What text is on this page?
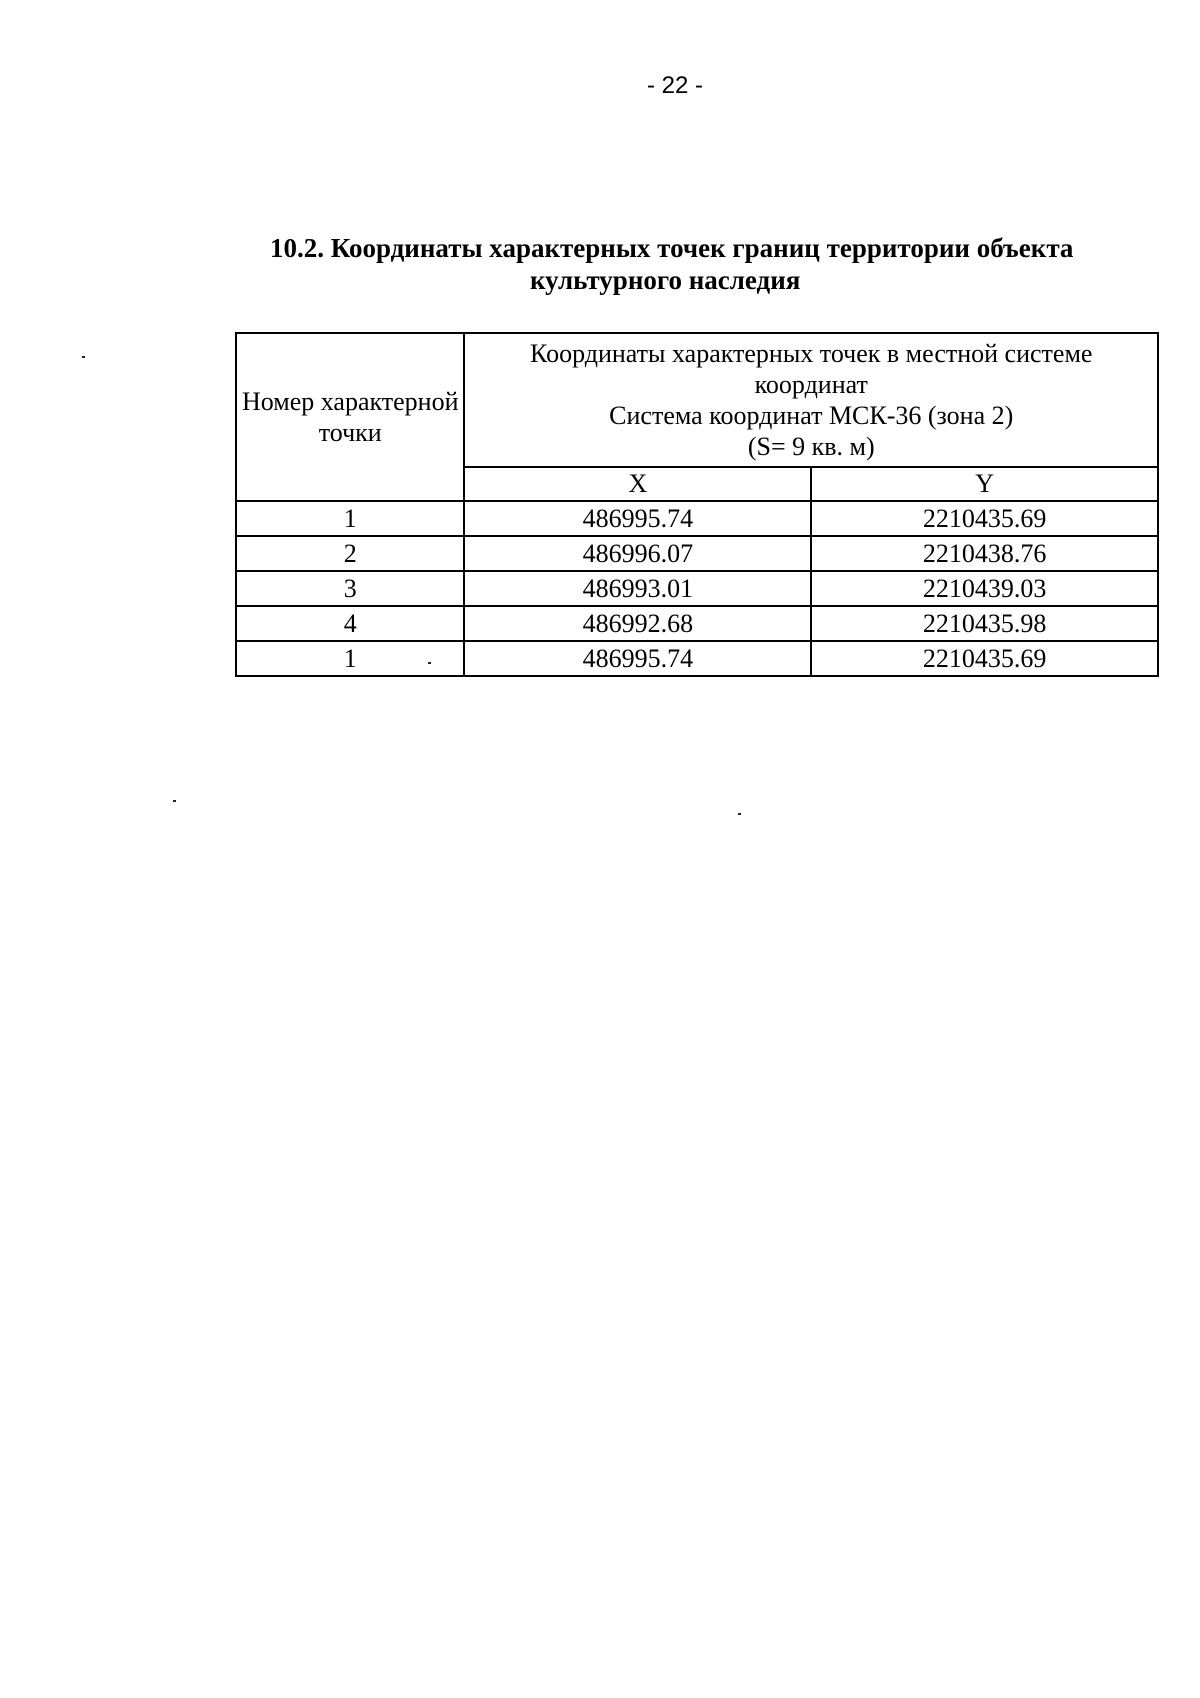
- 22 -
10.2. Координаты характерных точек границ территории объекта
культурного наследия
Номер характерной точки	Координаты характерных точек в местной системе
координат
Система координат МСК-36 (зона 2)
(S= 9 кв. м)	

	X	Y
1	486995.74	2210435.69
2	486996.07	2210438.76
3	486993.01	2210439.03
4	486992.68	2210435.98
1	486995.74	2210435.69
